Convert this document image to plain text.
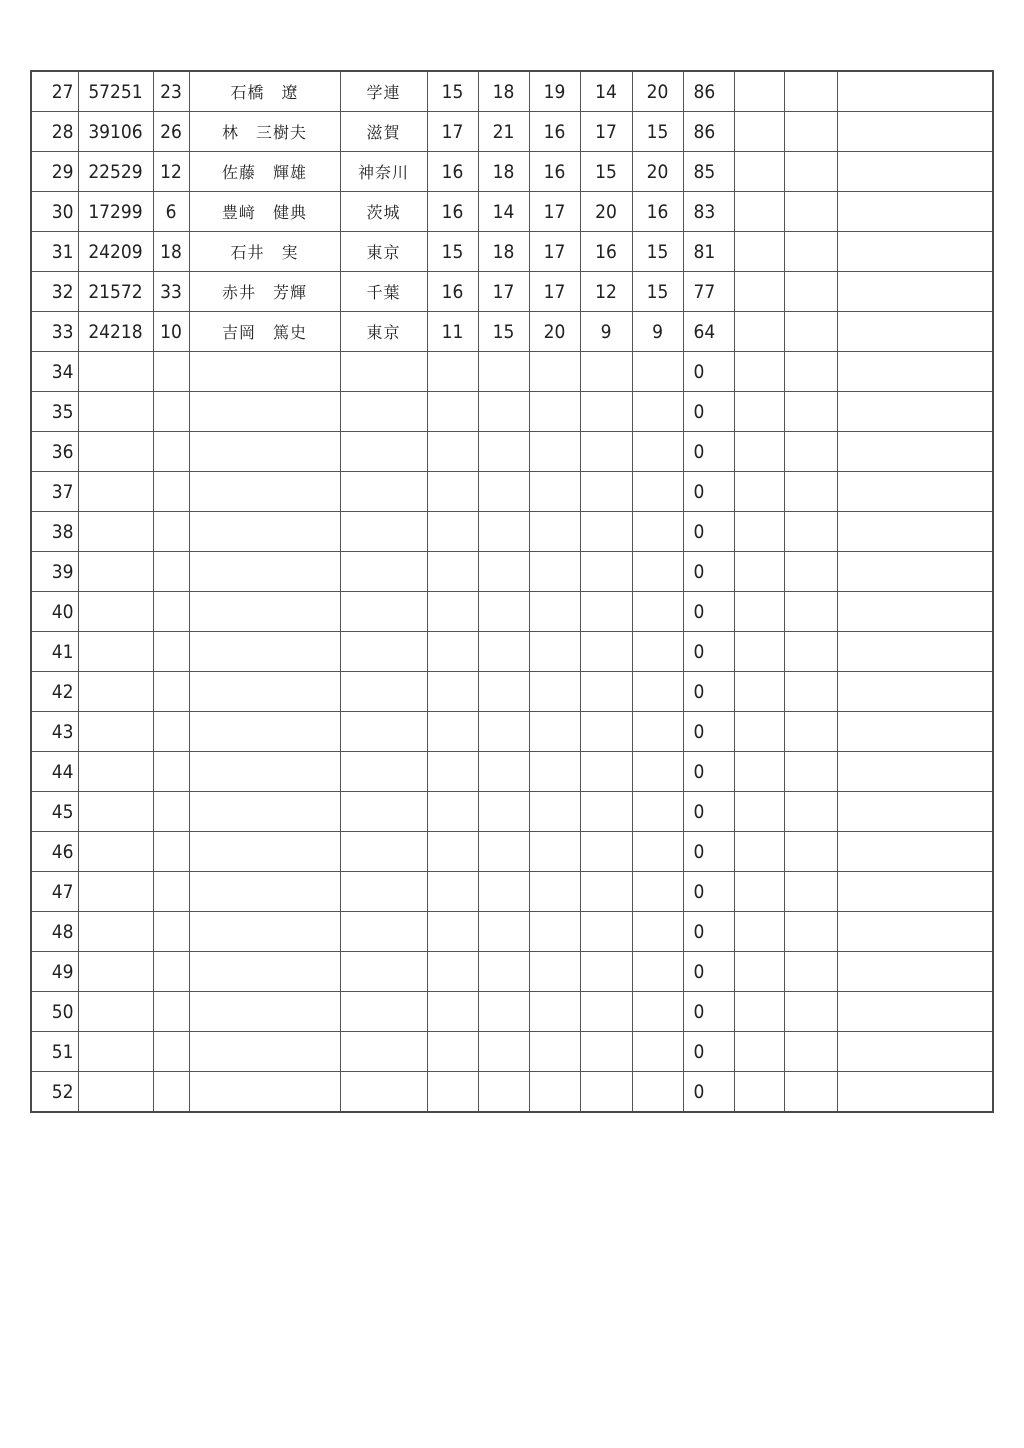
27	57251	23	石橋　遼	学連	15	18	19	14	20	86			
28	39106	26	林　三樹夫	滋賀	17	21	16	17	15	86			
29	22529	12	佐藤　輝雄	神奈川	16	18	16	15	20	85			
30	17299	6	豊﨑　健典	茨城	16	14	17	20	16	83			
31	24209	18	石井　実	東京	15	18	17	16	15	81			
32	21572	33	赤井　芳輝	千葉	16	17	17	12	15	77			
33	24218	10	吉岡　篤史	東京	11	15	20	9	9	64			
34										0			
35										0			
36										0			
37										0			
38										0			
39										0			
40										0			
41										0			
42										0			
43										0			
44										0			
45										0			
46										0			
47										0			
48										0			
49										0			
50										0			
51										0			
52										0			
